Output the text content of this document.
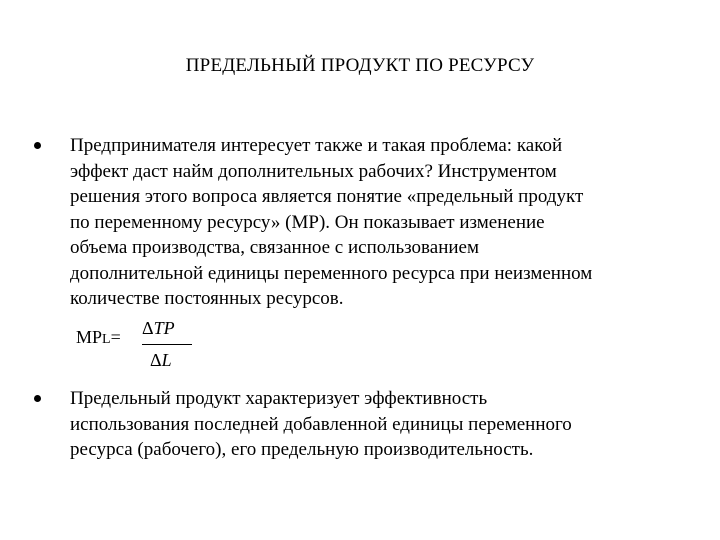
ПРЕДЕЛЬНЫЙ ПРОДУКТ ПО РЕСУРСУ
Предпринимателя интересует также и такая проблема: какой
эффект даст найм дополнительных рабочих? Инструментом
решения этого вопроса является понятие «предельный продукт
по переменному ресурсу» (МР). Он показывает изменение
объема производства, связанное с использованием
дополнительной единицы переменного ресурса при неизменном
количестве постоянных ресурсов.
MPL= ΔTP
ΔL
Предельный продукт характеризует эффективность
использования последней добавленной единицы переменного
ресурса (рабочего), его предельную производительность.
